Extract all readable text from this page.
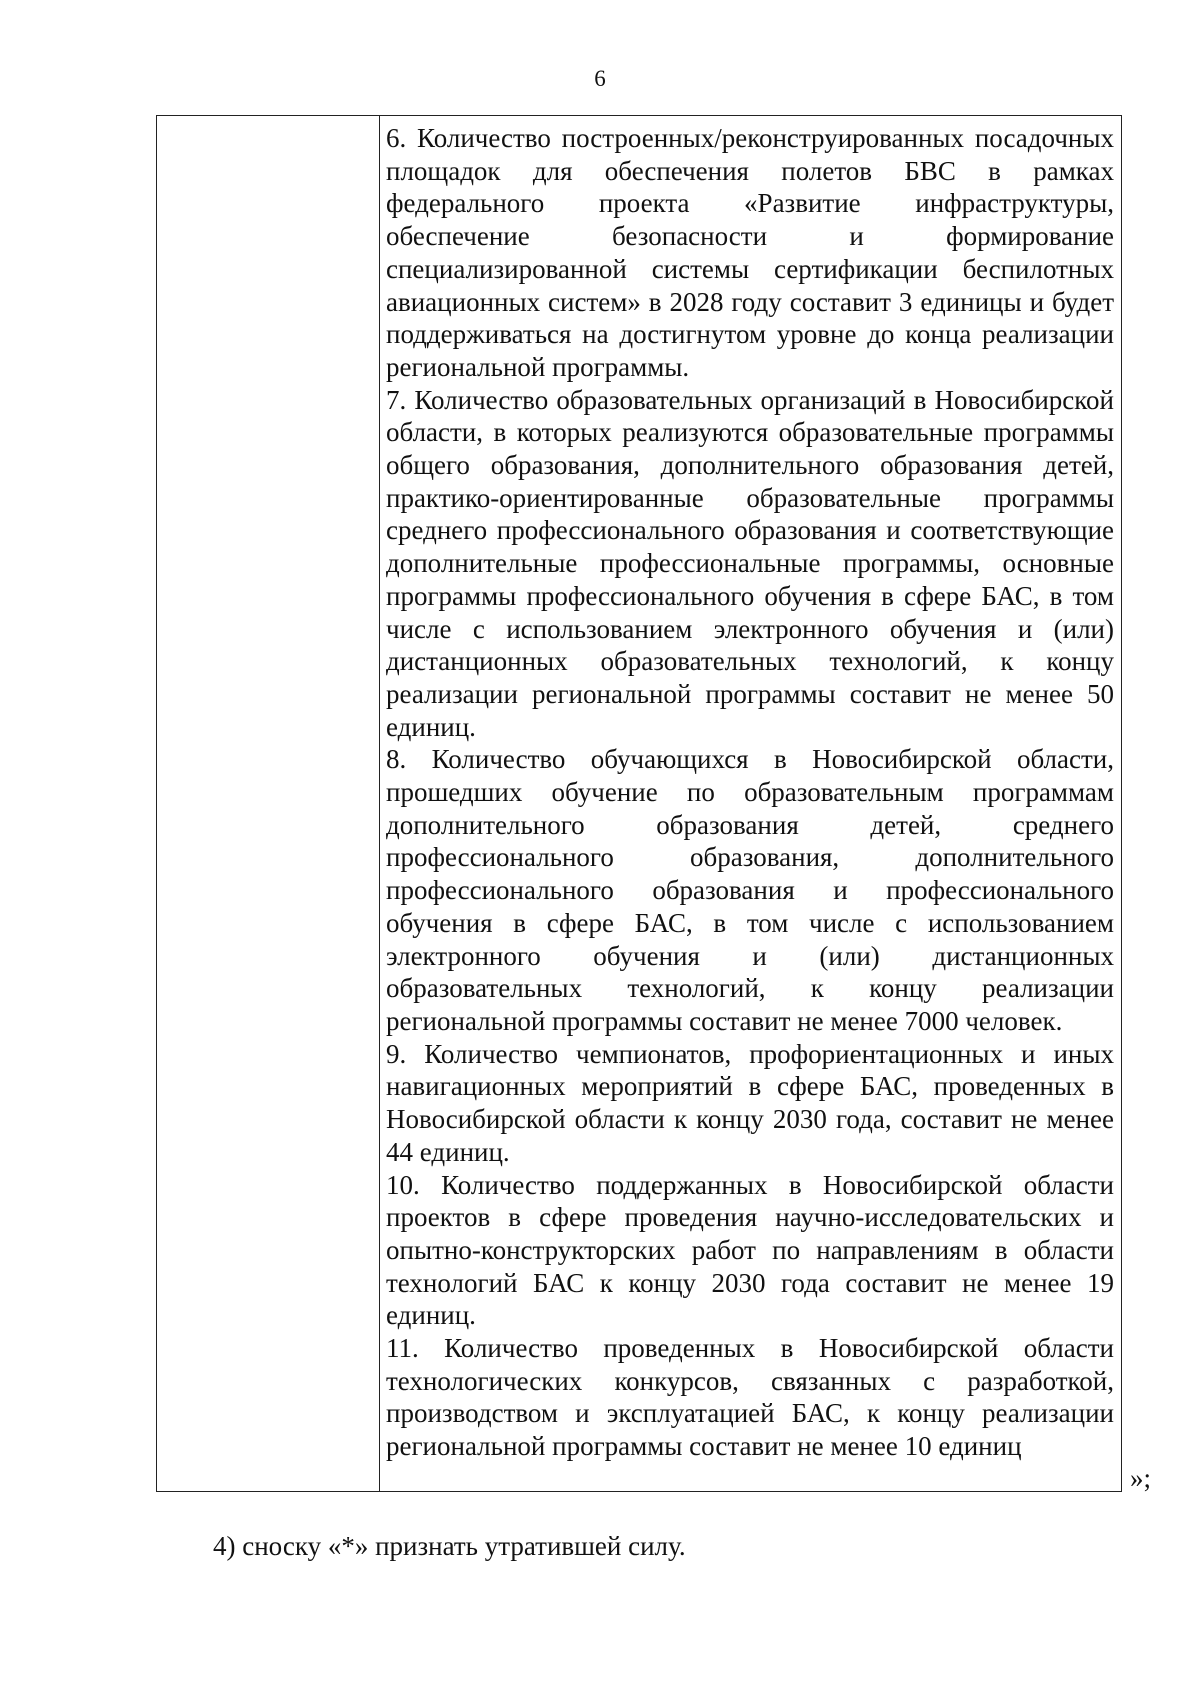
6

6. Количество построенных/реконструированных посадочных площадок для обеспечения полетов БВС в рамках федерального проекта «Развитие инфраструктуры, обеспечение безопасности и формирование специализированной системы сертификации беспилотных авиационных систем» в 2028 году составит 3 единицы и будет поддерживаться на достигнутом уровне до конца реализации региональной программы.

7. Количество образовательных организаций в Новосибирской области, в которых реализуются образовательные программы общего образования, дополнительного образования детей, практико-ориентированные образовательные программы среднего профессионального образования и соответствующие дополнительные профессиональные программы, основные программы профессионального обучения в сфере БАС, в том числе с использованием электронного обучения и (или) дистанционных образовательных технологий, к концу реализации региональной программы составит не менее 50 единиц.

8. Количество обучающихся в Новосибирской области, прошедших обучение по образовательным программам дополнительного образования детей, среднего профессионального образования, дополнительного профессионального образования и профессионального обучения в сфере БАС, в том числе с использованием электронного обучения и (или) дистанционных образовательных технологий, к концу реализации региональной программы составит не менее 7000 человек.

9. Количество чемпионатов, профориентационных и иных навигационных мероприятий в сфере БАС, проведенных в Новосибирской области к концу 2030 года, составит не менее 44 единиц.

10. Количество поддержанных в Новосибирской области проектов в сфере проведения научно-исследовательских и опытно-конструкторских работ по направлениям в области технологий БАС к концу 2030 года составит не менее 19 единиц.

11. Количество проведенных в Новосибирской области технологических конкурсов, связанных с разработкой, производством и эксплуатацией БАС, к концу реализации региональной программы составит не менее 10 единиц

»;
4) сноску «*» признать утратившей силу.
